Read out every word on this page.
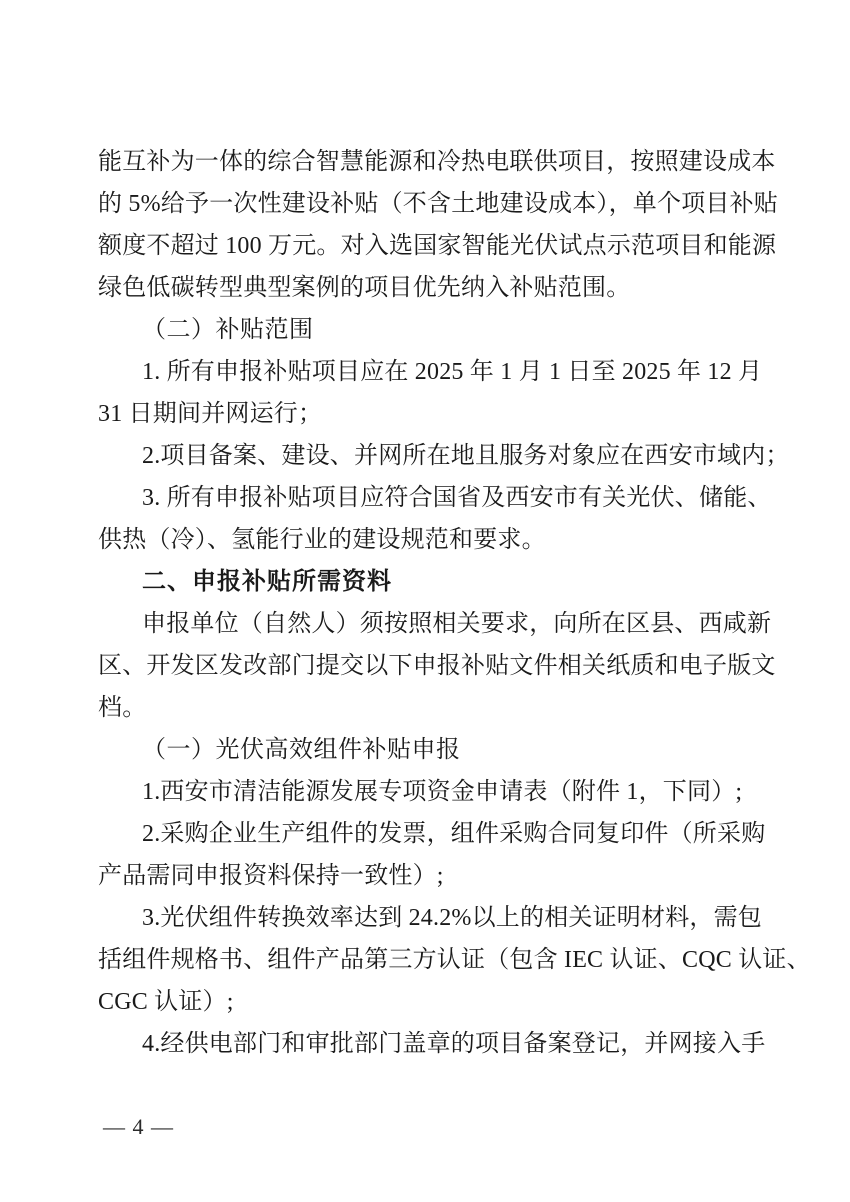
能互补为一体的综合智慧能源和冷热电联供项目，按照建设成本
的 5%给予一次性建设补贴（不含土地建设成本），单个项目补贴
额度不超过 100 万元。对入选国家智能光伏试点示范项目和能源
绿色低碳转型典型案例的项目优先纳入补贴范围。
（二）补贴范围
1. 所有申报补贴项目应在 2025 年 1 月 1 日至 2025 年 12 月
31 日期间并网运行；
2.项目备案、建设、并网所在地且服务对象应在西安市域内；
3. 所有申报补贴项目应符合国省及西安市有关光伏、储能、
供热（冷）、氢能行业的建设规范和要求。
二、申报补贴所需资料
申报单位（自然人）须按照相关要求，向所在区县、西咸新
区、开发区发改部门提交以下申报补贴文件相关纸质和电子版文
档。
（一）光伏高效组件补贴申报
1.西安市清洁能源发展专项资金申请表（附件 1，下同）;
2.采购企业生产组件的发票，组件采购合同复印件（所采购
产品需同申报资料保持一致性）;
3.光伏组件转换效率达到 24.2%以上的相关证明材料，需包
括组件规格书、组件产品第三方认证（包含 IEC 认证、CQC 认证、
CGC 认证）;
4.经供电部门和审批部门盖章的项目备案登记，并网接入手
— 4 —
